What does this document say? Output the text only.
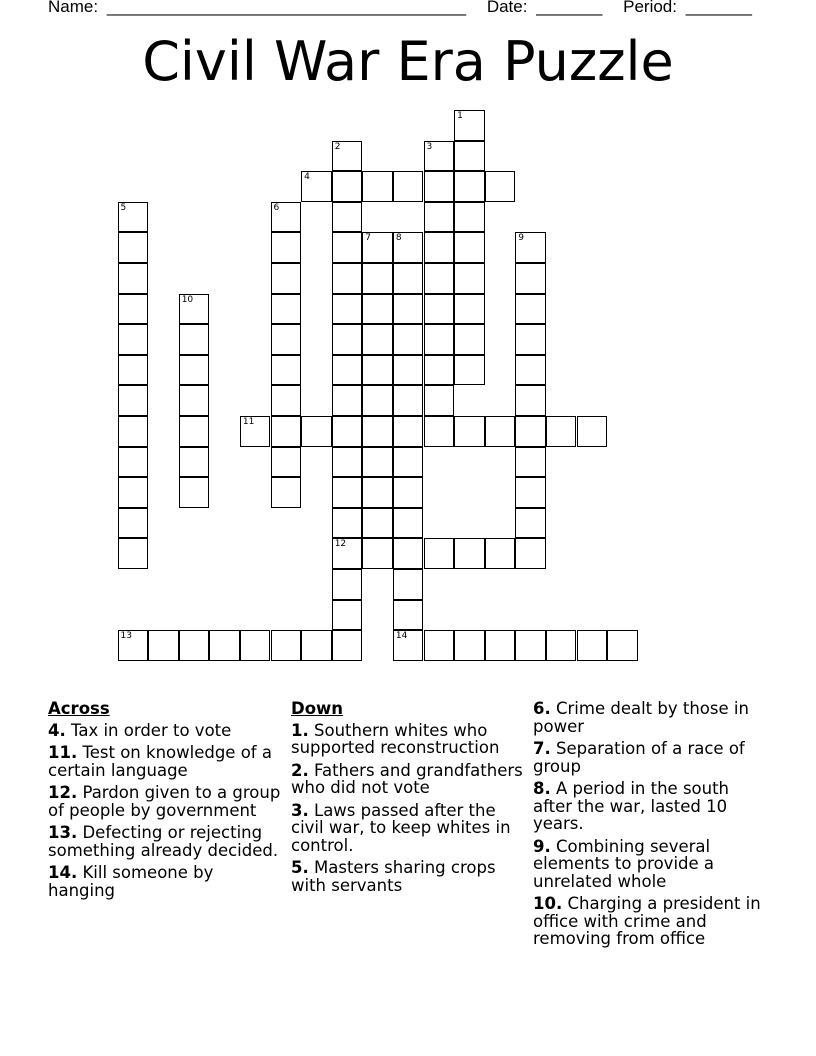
Name: ______________________________________ Date: _______ Period: _______
Civil War Era Puzzle
1
2
12
3
4
5	6
7	8
14
9
10
11
13
Across
4. Tax in order to vote
11. Test on knowledge of a certain language
12. Pardon given to a group of people by government
13. Defecting or rejecting something already decided.
14. Kill someone by hanging
Down
1. Southern whites who supported reconstruction
2. Fathers and grandfathers who did not vote
3. Laws passed after the civil war, to keep whites in control.
5. Masters sharing crops with servants
6. Crime dealt by those in power
7. Separation of a race of group
8. A period in the south after the war, lasted 10 years.
9. Combining several elements to provide a unrelated whole
10. Charging a president in office with crime and removing from office
